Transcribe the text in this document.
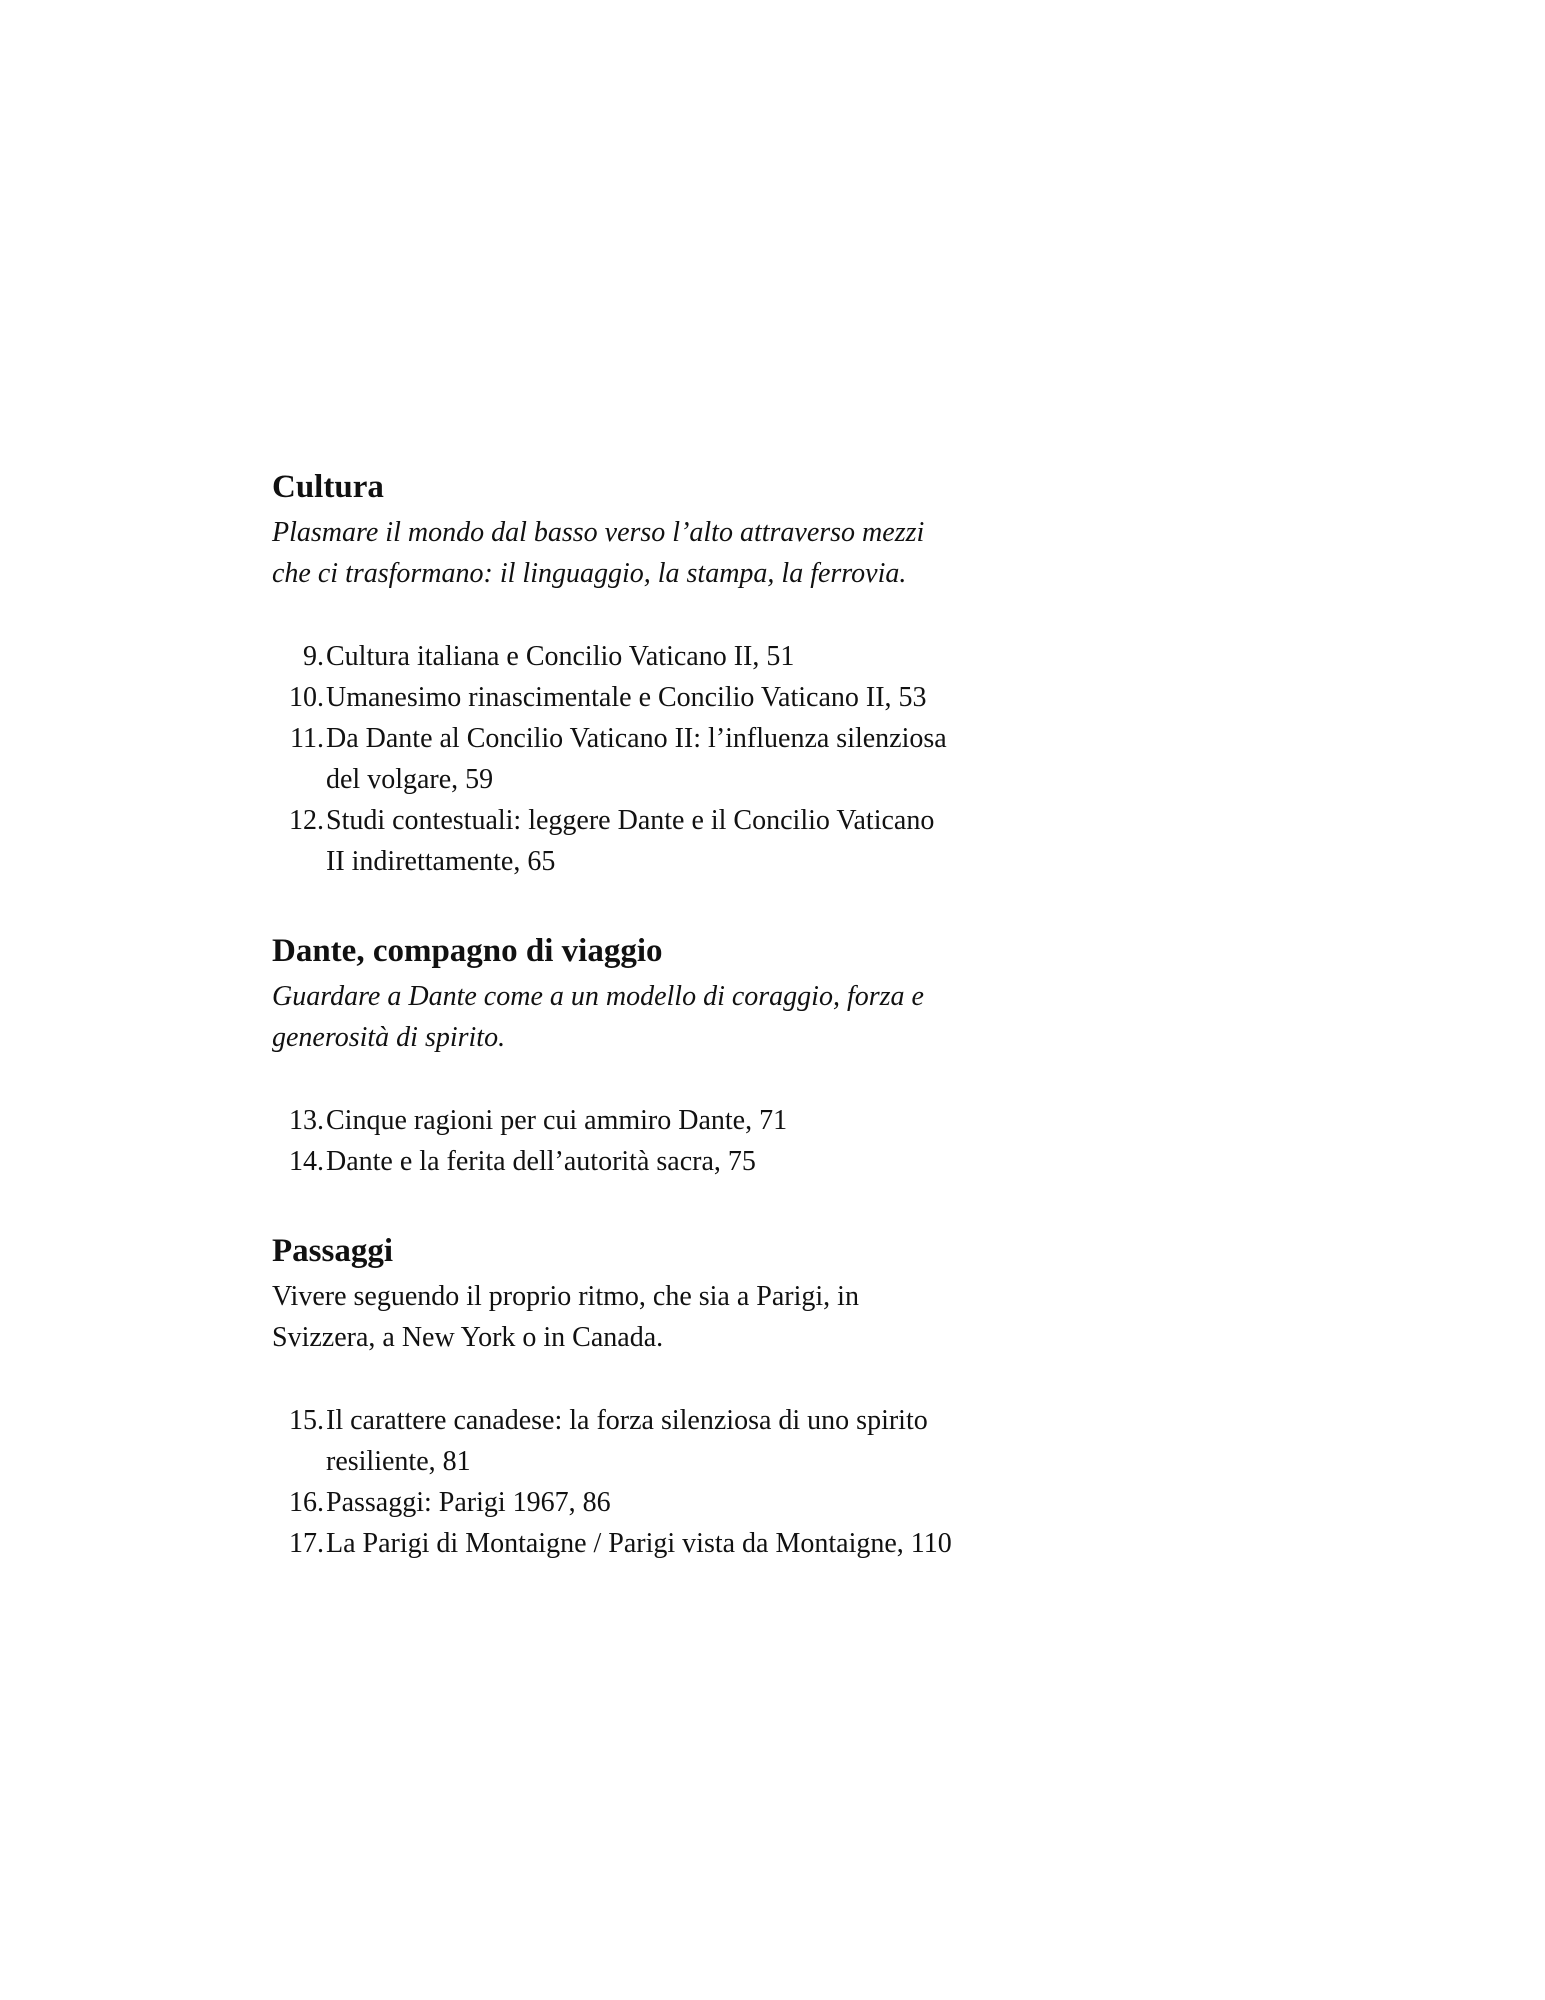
Cultura

Plasmare il mondo dal basso verso l’alto attraverso mezzi
che ci trasformano: il linguaggio, la stampa, la ferrovia.

9. Cultura italiana e Concilio Vaticano II, 51
10. Umanesimo rinascimentale e Concilio Vaticano II, 53
11. Da Dante al Concilio Vaticano II: l’influenza silenziosa
del volgare, 59
12. Studi contestuali: leggere Dante e il Concilio Vaticano
II indirettamente, 65
Dante, compagno di viaggio

Guardare a Dante come a un modello di coraggio, forza e
generosità di spirito.

13. Cinque ragioni per cui ammiro Dante, 71
14. Dante e la ferita dell’autorità sacra, 75
Passaggi

Vivere seguendo il proprio ritmo, che sia a Parigi, in
Svizzera, a New York o in Canada.

15. Il carattere canadese: la forza silenziosa di uno spirito
resiliente, 81
16. Passaggi: Parigi 1967, 86
17. La Parigi di Montaigne / Parigi vista da Montaigne, 110
